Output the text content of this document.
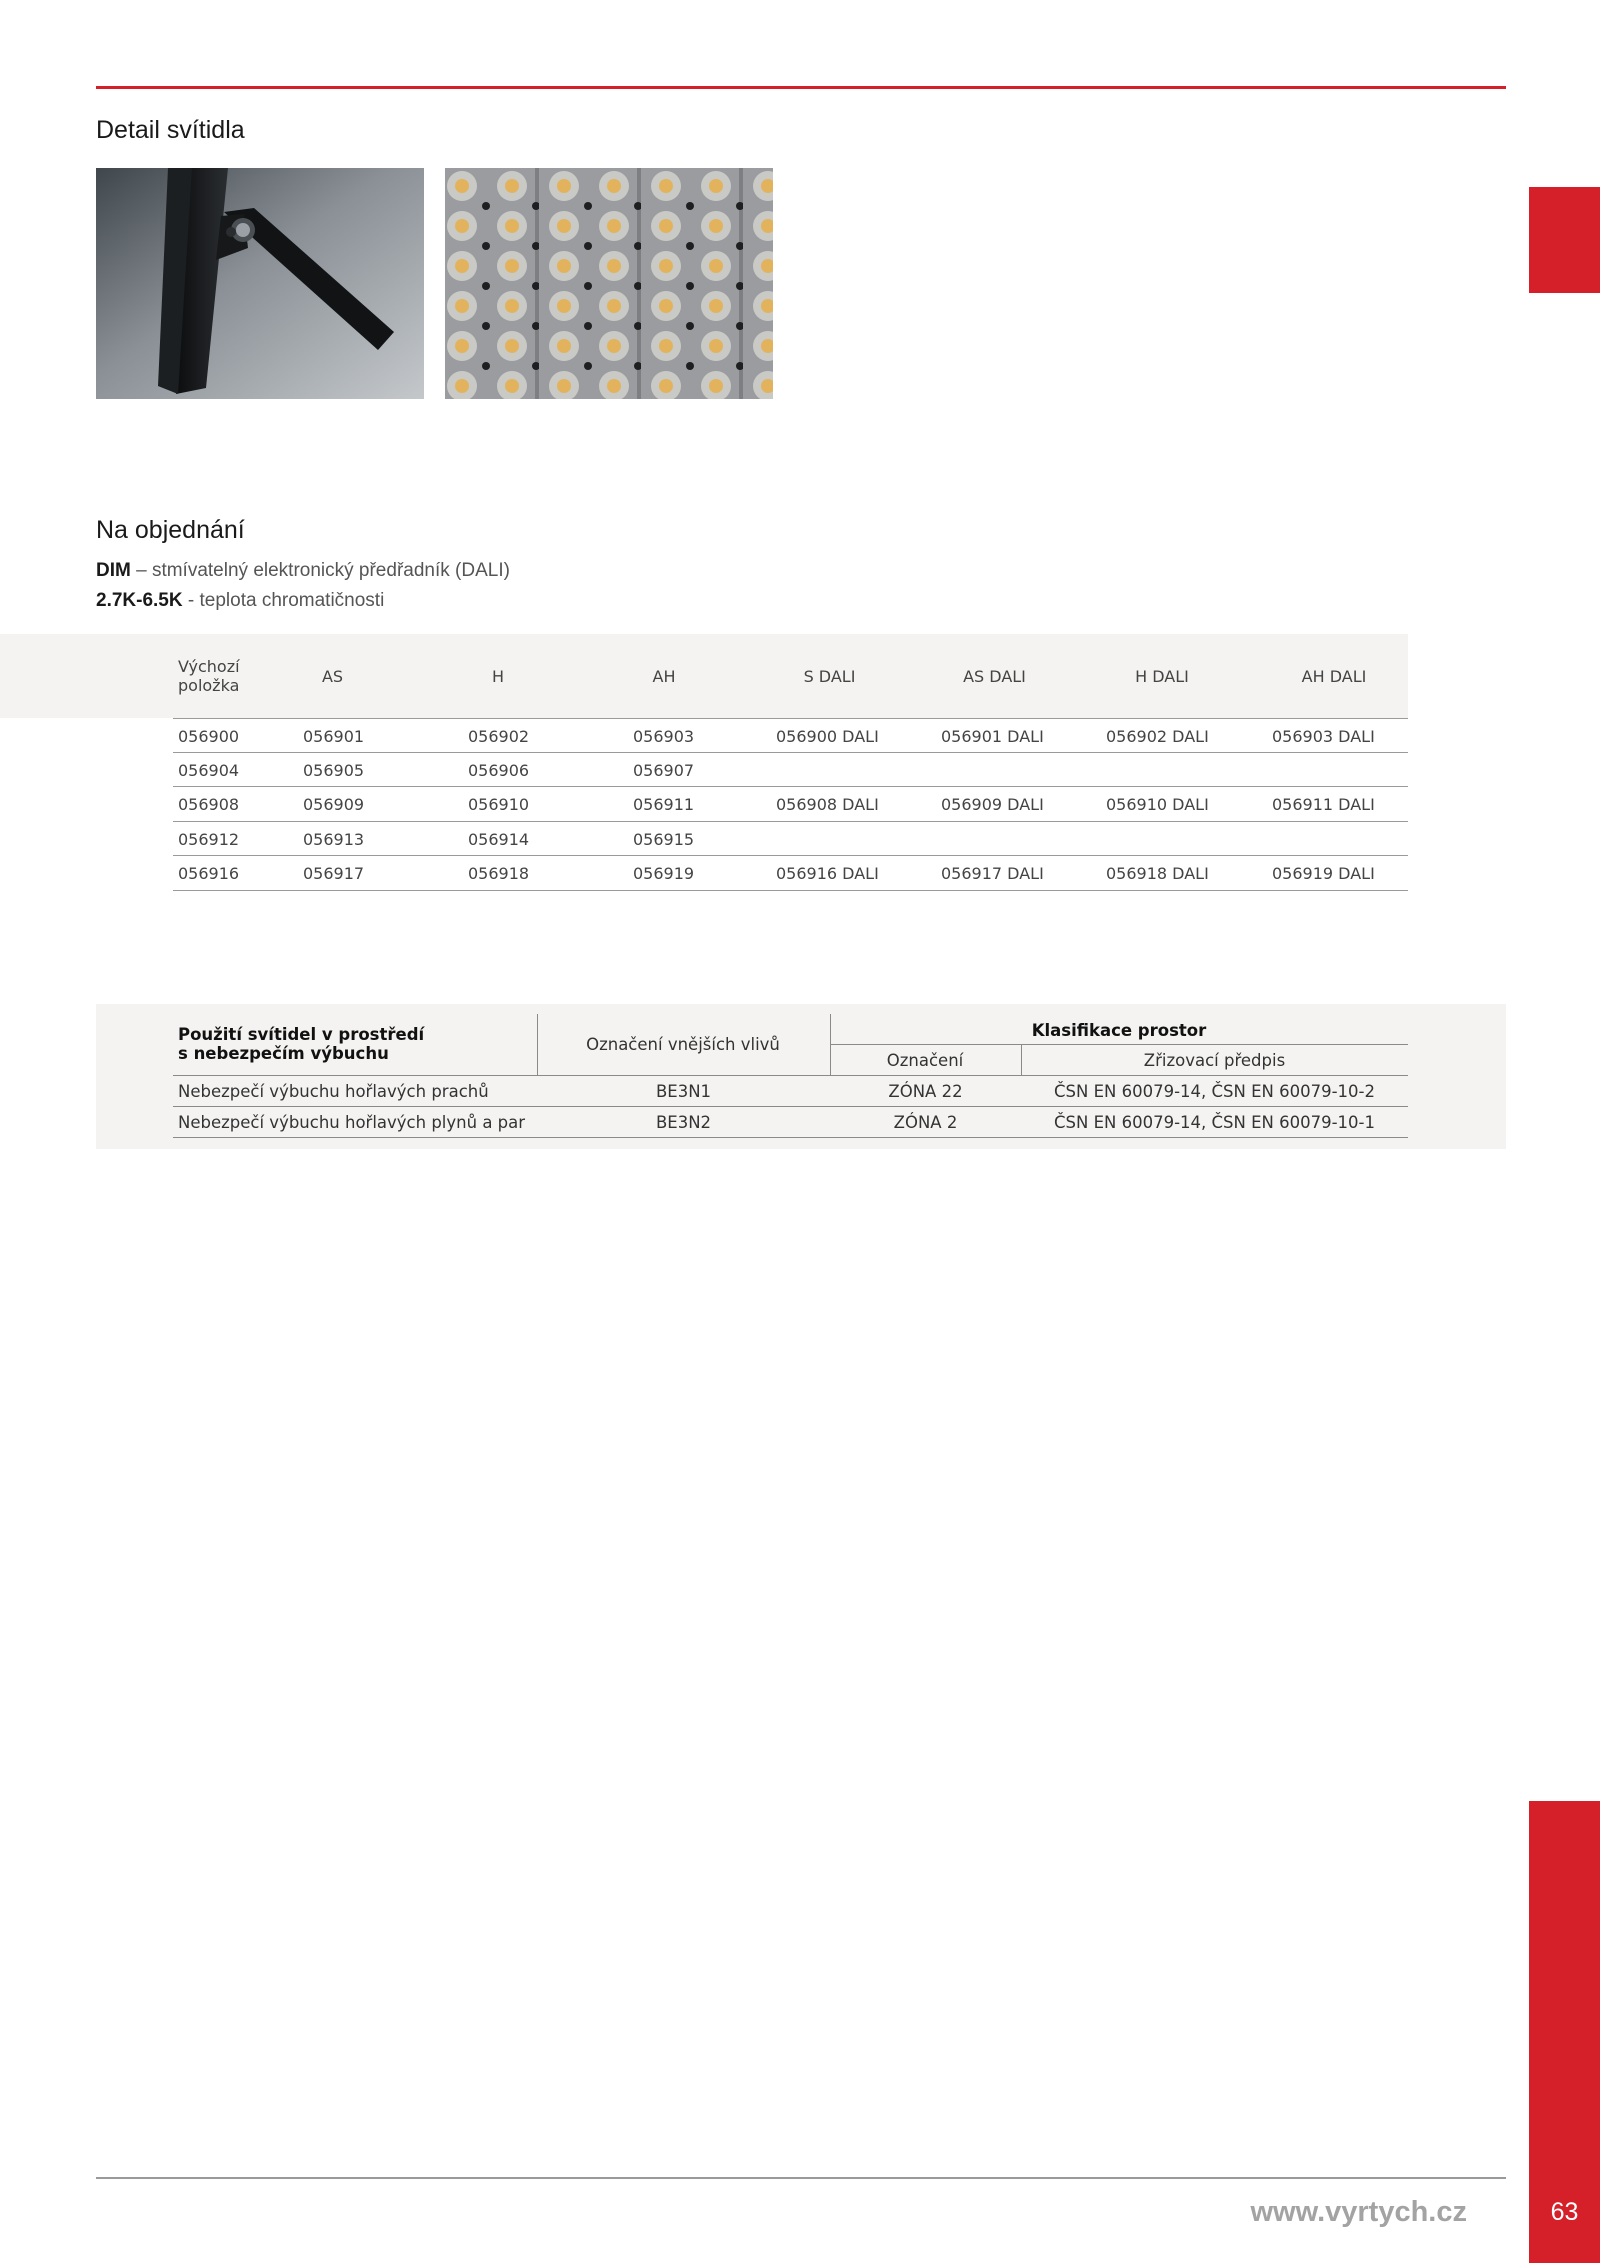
Detail svítidla
Na objednání
DIM – stmívatelný elektronický předřadník (DALI)
2.7K-6.5K - teplota chromatičnosti
Výchozí
položka	AS	H	AH	S DALI	AS DALI	H DALI	AH DALI
056900	056901	056902	056903	056900 DALI	056901 DALI	056902 DALI	056903 DALI
056904	056905	056906	056907
056908	056909	056910	056911	056908 DALI	056909 DALI	056910 DALI	056911 DALI
056912	056913	056914	056915
056916	056917	056918	056919	056916 DALI	056917 DALI	056918 DALI	056919 DALI
Použití svítidel v prostředí
s nebezpečím výbuchu	Označení vnějších vlivů
Klasifikace prostor
Označení	Zřizovací předpis
Nebezpečí výbuchu hořlavých prachů	BE3N1	ZÓNA 22	ČSN EN 60079-14, ČSN EN 60079-10-2
Nebezpečí výbuchu hořlavých plynů a par	BE3N2	ZÓNA 2	ČSN EN 60079-14, ČSN EN 60079-10-1
www.vyrtych.cz	63
